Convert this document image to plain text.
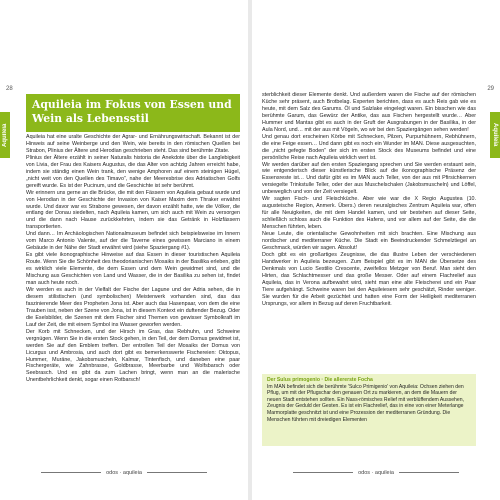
28
Aquileia
Aquileia im Fokus von Essen und Wein als Lebensstil

Aquileia hat eine uralte Geschichte der Agrar- und Ernährungswirtschaft. Bekannt ist der Hinweis auf seine Weinberge und den Wein, wie bereits in den römischen Quellen bei Strabon, Plinius der Ältere und Herodian geschrieben steht. Das sind berühmte Zitate.

Plinius der Ältere erzählt in seiner Naturalis historia die Anekdote über die Langlebigkeit von Livia, der Frau des Kaisers Augustus, die das Alter von achtzig Jahren erreicht habe, indem sie ständig einen Wein trank, den wenige Amphoren auf einem steinigen Hügel, „nicht weit von den Quellen des Timavo“, nahe der Meeresbrise des Adriatischen Golfs gereift wurde. Es ist der Pucinum, und die Geschichte ist sehr berühmt.

Wir erinnern uns gerne an die Brücke, die mit den Fässern von Aquileia gebaut wurde und von Herodian in der Geschichte der Invasion von Kaiser Maxim dem Thraker erwähnt wurde. Und davor war es Strabone gewesen, der davon erzählt hatte, wie die Völker, die entlang der Donau siedelten, nach Aquileia kamen, um sich auch mit Wein zu versorgen und die dann nach Hause zurückkehrten, indem sie das Getränk in Holzfässern transportierten.

Und dann… Im Archäologischen Nationalmuseum befindet sich beispielsweise im Innern vom Marco Antonio Valente, auf der die Taverne eines gewissen Marciano in einem Gebäude in der Nähe der Stadt erwähnt wird (siehe Spaziergang #1).

Es gibt viele ikonographische Hinweise auf das Essen in dieser touristischen Aquileia Route. Wenn Sie die Schönheit des theodorianischen Mosaiks in der Basilika erleben, gibt es wirklich viele Elemente, die dem Essen und dem Wein gewidmet sind, und die Mischung aus Geschichten von Land und Wasser, die in der Basilika zu sehen ist, findet man auch heute noch.

Wir werden es auch in der Vielfalt der Fische der Lagune und der Adria sehen, die in diesem stilistischen (und symbolischen) Meisterwerk vorhanden sind, das das faszinierende Meer des Propheten Jona ist. Aber auch das Hasenpaar, von dem die eine Trauben isst, neben der Szene von Jona, ist in diesem Kontext ein duftender Bezug. Oder die Eselsbilder, die Szenen mit dem Fischer sind Themen von gewisser Symbolkraft im Lauf der Zeit, die mit einem Symbol ins Wasser geworfen werden.

Der Korb mit Schnecken, und der Hirsch im Gras, das Rebhuhn, und Schweine vergnügen. Wenn Sie in die ersten Stock gehen, in den Teil, der dem Domus gewidmet ist, werden Sie auf den Emblem treffen. Der entrollen Teil der Mosaiks der Domus von Licurgus und Ambrosia, und auch dort gibt es bemerkenswerte Fischereien: Oktopus, Hummer, Muräne, Jakobsmuscheln, Kalmar, Tintenfisch, und daneben eine paar Fischergeräte, wie Zahnbrasse, Goldbrasse, Meerbarbe und Wolfsbarsch oder Seebrasch. Und es gibt da zum Lachen bringt, wenn man an die malerische Unentbehrlichkeit denkt, sogar einen Rotbarsch!

odos · aquileia
29
Aquileia

sterblichkeit dieser Elemente denkt. Und außerdem waren die Fische auf der römischen Küche sehr präsent, auch Brotbelag. Experten berichten, dass es auch Reis gab wie es heute, mit dem Salz des Garums. Öl und Salzlake eingelegt waren. Ein bisschen wie das berühmte Garum, das Gewürz der Antike, das aus Fischen hergestellt wurde… Aber Hummer und Mantas gibt es auch in der Gruft der Ausgrabungen in der Basilika, in der Aula Nord, und… mit der aus mit Vögeln, wo wir bei den Spaziergängen sehen werden!

Und genau dort erscheinen Körbe mit Schnecken, Pilzen, Purpurhühnern, Rebhühnern, die eine Feige essen… Und dann gibt es noch ein Wunder im MAN. Diese ausgesuchten, die „nicht gefegte Boden“ der sich im ersten Stock des Museums befindet und eine persönliche Reise nach Aquileia wirklich wert ist.

Wir werden darüber auf den ersten Spaziergang sprechen und Sie werden erstaunt sein, wie entgenderisch dieser künstlerische Blick auf die ikonographische Präsenz der Essensreste ist… Und dafür gibt es im MAN auch Teller, von der aus mit Pfirsichkernen versiegelte Trinkstulle Teller, oder der aus Muschelschalen (Jakobsmuscheln) und Löffel, unbeweglich und von der Zeit versiegelt.

Wir sagten Fisch- und Fleischküche. Aber wie war die X Regio Augustea (10. augusteische Region, Anmerk. Übers.) deren neuralgisches Zentrum Aquileia war, offen für alle Neuigkeiten, die mit dem Handel kamen, und wir bestehen auf dieser Seite, schließlich schloss auch die Funktion des Hafens, und vor allem auf der Seite, die die Menschen führten, leben.

Neue Leute, die orientalische Gewohnheiten mit sich brachten. Eine Mischung aus nordischer und mediterraner Küche. Die Stadt ein Beeindruckender Schmelztiegel an Geschmack, würden wir sagen. Absolut!

Doch gibt es ein großartiges Zeugnisse, die das illustre Leben der verschiedenen Handwerker in Aquileia bezeugen. Zum Beispiel gibt es im MAN die Übersetze des Denkmals von Lucio Sestilio Crescente, zweifellos Metzger von Beruf. Man sieht den Hirten, das Schlachtmesser und das große Messer. Oder auf einem Flachrelief aus Aquileia, das in Verona aufbewahrt wird, sieht man eine alte Fleischerei und ein Paar Tiere aufgehängt. Schweine waren bei den Aquileiesern sehr geschätzt, Rinder weniger. Sie wurden für die Arbeit gezüchtet und hatten eine Form der Heiligkeit mediterranen Ursprungs, vor allem in Bezug auf deren Fruchtbarkeit.

Der Sulus primogenio · Die allererste Focha
Im MAN befindet sich die berühmte 'Sulco Primigenio' von Aquileia: Ochsen ziehen den Pflug, um mit der Pflugschar den genauen Ort zu markieren, an dem die Mauern der neuen Stadt entstehen sollten. Ein Nass-römisches Relief mit verblüffendem Aussehen, Zeugnis der Geduld der Gesten. Es ist ein Flachrelief, das in eine von einer Meterlange Marmorplatte geschnitzt ist und eine Prozession der mediterranen Gründung. Die Menschen führten mit dreiedigen Elementen
odos · aquileia
